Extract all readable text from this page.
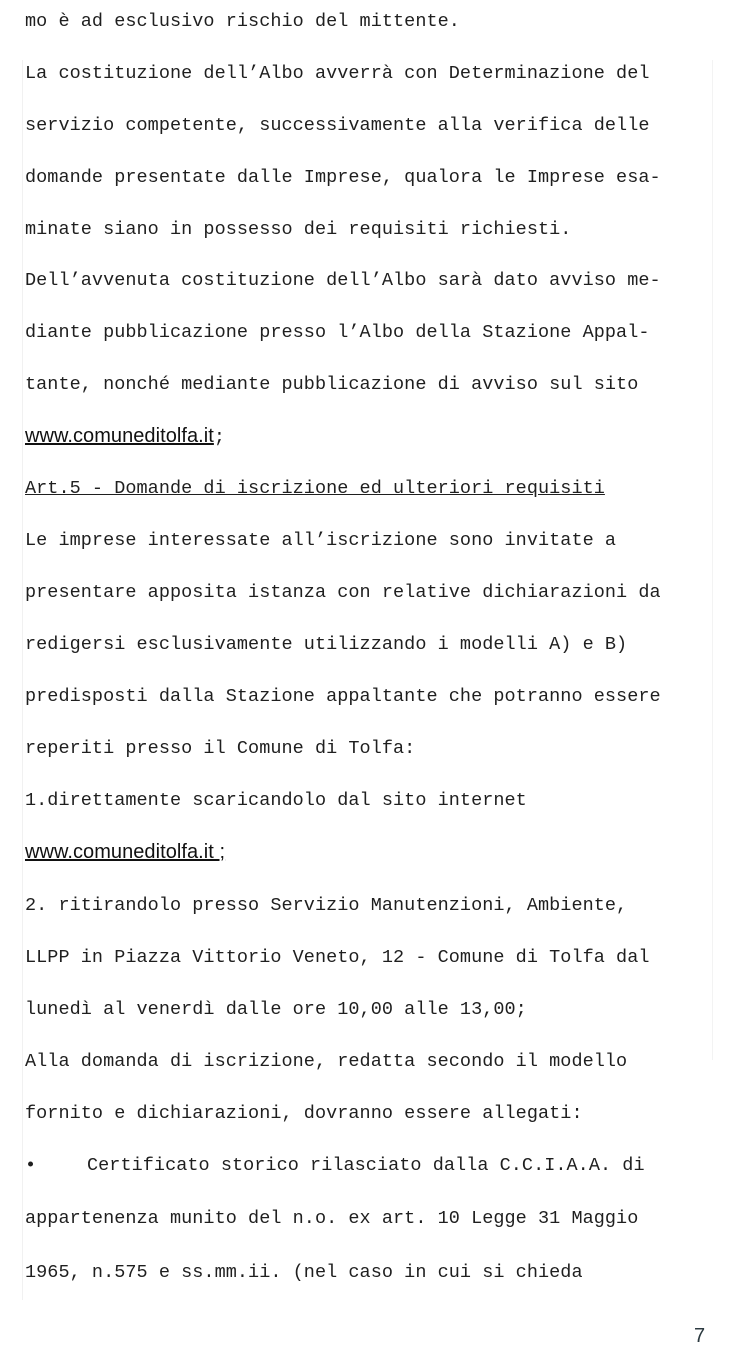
mo è ad esclusivo rischio del mittente.
La costituzione dell’Albo avverrà con Determinazione del
servizio competente, successivamente alla verifica delle
domande presentate dalle Imprese, qualora le Imprese esa-
minate siano in possesso dei requisiti richiesti.
Dell’avvenuta costituzione dell’Albo sarà dato avviso me-
diante pubblicazione presso l’Albo della Stazione Appal-
tante, nonché mediante pubblicazione di avviso sul sito
www.comuneditolfa.it;
Art.5 - Domande di iscrizione ed ulteriori requisiti
Le imprese interessate all’iscrizione sono invitate a
presentare apposita istanza con relative dichiarazioni da
redigersi esclusivamente utilizzando i modelli A) e B)
predisposti dalla Stazione appaltante che potranno essere
reperiti presso il Comune di Tolfa:
1.direttamente scaricandolo dal sito internet
www.comuneditolfa.it ;
2. ritirandolo presso Servizio Manutenzioni, Ambiente,
LLPP in Piazza Vittorio Veneto, 12 - Comune di Tolfa dal
lunedì al venerdì dalle ore 10,00 alle 13,00;
Alla domanda di iscrizione, redatta secondo il modello
fornito e dichiarazioni, dovranno essere allegati:
•	Certificato storico rilasciato dalla C.C.I.A.A. di
appartenenza munito del n.o. ex art. 10 Legge 31 Maggio
1965, n.575 e ss.mm.ii. (nel caso in cui si chieda
7
